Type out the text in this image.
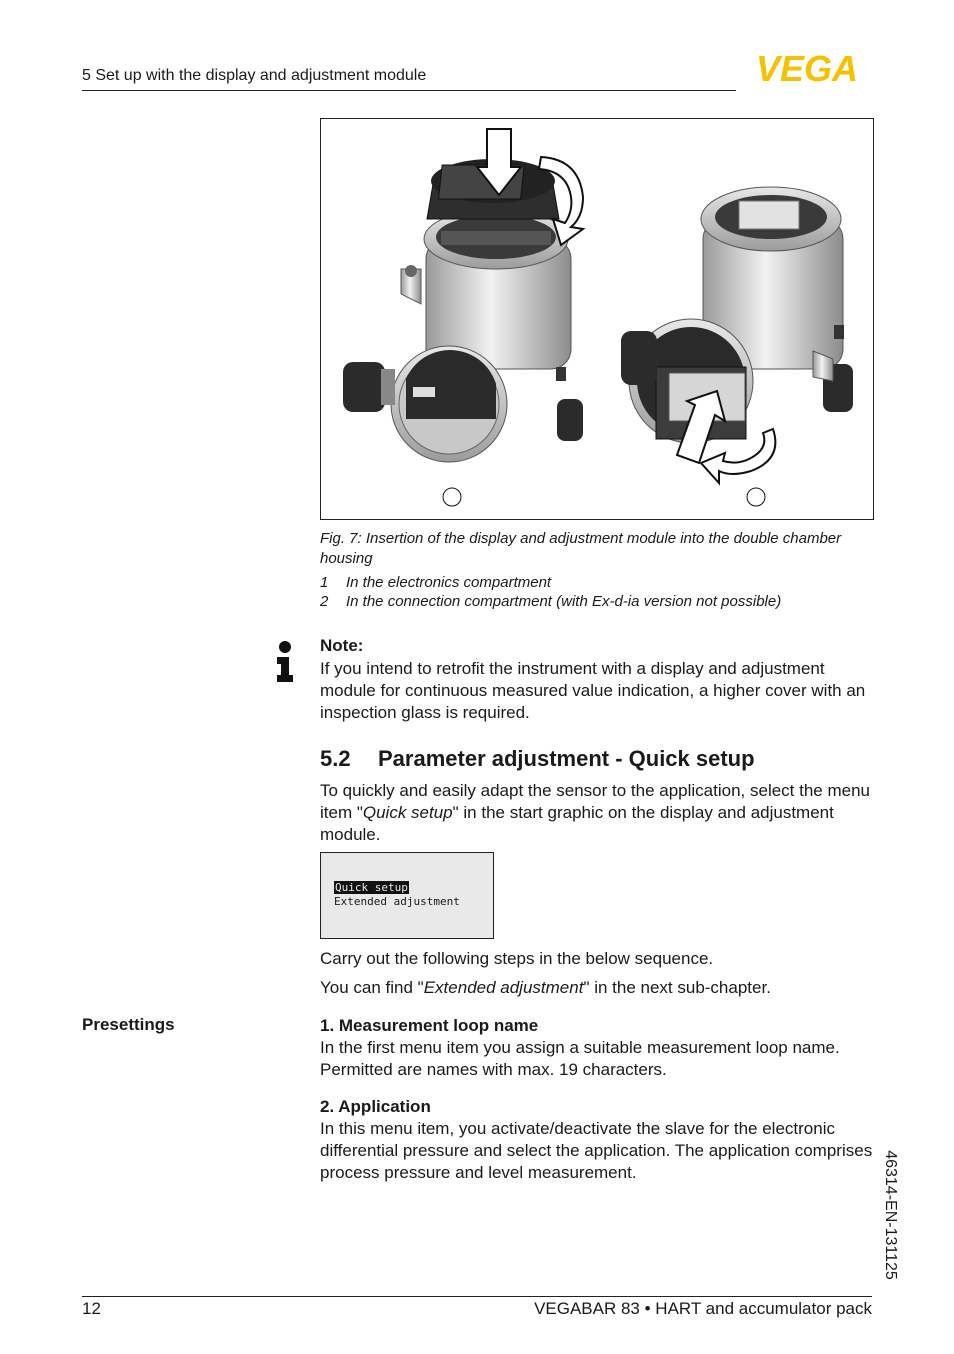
5 Set up with the display and adjustment module	VEGA
Fig. 7: Insertion of the display and adjustment module into the double chamber housing
1 In the electronics compartment
2 In the connection compartment (with Ex-d-ia version not possible)
Note:
If you intend to retrofit the instrument with a display and adjustment module for continuous measured value indication, a higher cover with an inspection glass is required.
5.2 Parameter adjustment - Quick setup
To quickly and easily adapt the sensor to the application, select the menu item "Quick setup" in the start graphic on the display and adjustment module.
Quick setup
Extended adjustment
Carry out the following steps in the below sequence.
You can find "Extended adjustment" in the next sub-chapter.
Presettings	1. Measurement loop name
In the first menu item you assign a suitable measurement loop name. Permitted are names with max. 19 characters.
2. Application
In this menu item, you activate/deactivate the slave for the electronic differential pressure and select the application. The application comprises process pressure and level measurement.	46314-EN-131125
12	VEGABAR 83 • HART and accumulator pack
